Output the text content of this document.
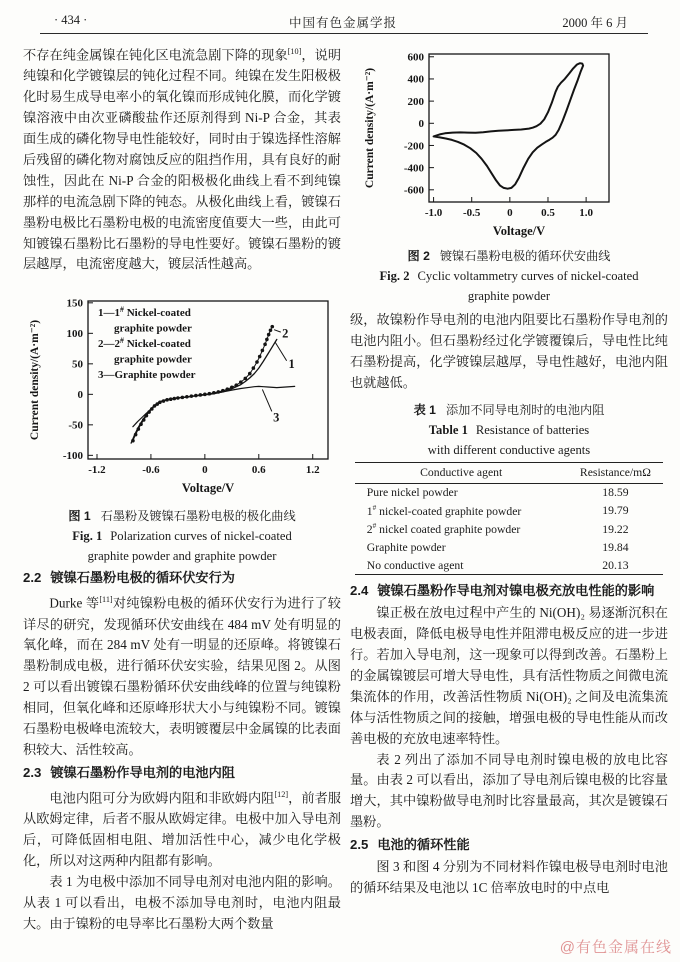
· 434 ·	中国有色金属学报	2000 年 6 月

不存在纯金属镍在钝化区电流急剧下降的现象[10]，说明纯镍和化学镀镍层的钝化过程不同。纯镍在发生阳极极化时易生成导电率小的氧化镍而形成钝化膜，而化学镀镍溶液中由次亚磷酸盐作还原剂得到 Ni-P 合金，其表面生成的磷化物导电性能较好，同时由于镍选择性溶解后残留的磷化物对腐蚀反应的阻挡作用，具有良好的耐蚀性，因此在 Ni-P 合金的阳极极化曲线上看不到纯镍那样的电流急剧下降的钝态。从极化曲线上看，镀镍石墨粉电极比石墨粉电极的电流密度值要大一些，由此可知镀镍石墨粉比石墨粉的导电性要好。镀镍石墨粉的镀层越厚，电流密度越大，镀层活性越高。

-1.2	-0.6	0	0.6	1.2
150
100
50
0
-50
-100
Voltage/V
Current density/(A·m⁻²)
1—1# Nickel-coated
graphite powder
2—2# Nickel-coated
graphite powder
3—Graphite powder
2
1
3
图 1 石墨粉及镀镍石墨粉电极的极化曲线
Fig. 1 Polarization curves of nickel-coated
graphite powder and graphite powder
2.2 镀镍石墨粉电极的循环伏安行为

Durke 等[11]对纯镍粉电极的循环伏安行为进行了较详尽的研究，发现循环伏安曲线在 484 mV 处有明显的氧化峰，而在 284 mV 处有一明显的还原峰。将镀镍石墨粉制成电极，进行循环伏安实验，结果见图 2。从图 2 可以看出镀镍石墨粉循环伏安曲线峰的位置与纯镍粉相同，但氧化峰和还原峰形状大小与纯镍粉不同。镀镍石墨粉电极峰电流较大，表明镀覆层中金属镍的比表面积较大、活性较高。

2.3 镀镍石墨粉作导电剂的电池内阻

电池内阻可分为欧姆内阻和非欧姆内阻[12]，前者服从欧姆定律，后者不服从欧姆定律。电极中加入导电剂后，可降低固相电阻、增加活性中心，减少电化学极化，所以对这两种内阻都有影响。

表 1 为电极中添加不同导电剂对电池内阻的影响。从表 1 可以看出，电极不添加导电剂时，电池内阻最大。由于镍粉的电导率比石墨粉大两个数量

-1.0 -0.5 0	0.5 1.0
600
400
200
0
-200
-400
-600
Voltage/V
Current density/(A·m⁻²)
图 2 镀镍石墨粉电极的循环伏安曲线
Fig. 2 Cyclic voltammetry curves of nickel-coated
graphite powder

级，故镍粉作导电剂的电池内阻要比石墨粉作导电剂的电池内阻小。但石墨粉经过化学镀覆镍后，导电性比纯石墨粉提高，化学镀镍层越厚，导电性越好，电池内阻也就越低。

表 1 添加不同导电剂时的电池内阻
Table 1 Resistance of batteries
with different conductive agents
Conductive agent	Resistance/mΩ
Pure nickel powder	18.59
1# nickel-coated graphite powder	19.79
2# nickel coated graphite powder	19.22
Graphite powder	19.84
No conductive agent	20.13
2.4 镀镍石墨粉作导电剂对镍电极充放电性能的影响

镍正极在放电过程中产生的 Ni(OH)₂ 易逐渐沉积在电极表面，降低电极导电性并阻滞电极反应的进一步进行。若加入导电剂，这一现象可以得到改善。石墨粉上的金属镍镀层可增大导电性，具有活性物质之间微电流集流体的作用，改善活性物质 Ni(OH)₂ 之间及电流集流体与活性物质之间的接触，增强电极的导电性能从而改善电极的充放电速率特性。

表 2 列出了添加不同导电剂时镍电极的放电比容量。由表 2 可以看出，添加了导电剂后镍电极的比容量增大，其中镍粉做导电剂时比容量最高，其次是镀镍石墨粉。

2.5 电池的循环性能

图 3 和图 4 分别为不同材料作镍电极导电剂时电池的循环结果及电池以 1C 倍率放电时的中点电

@有色金属在线
